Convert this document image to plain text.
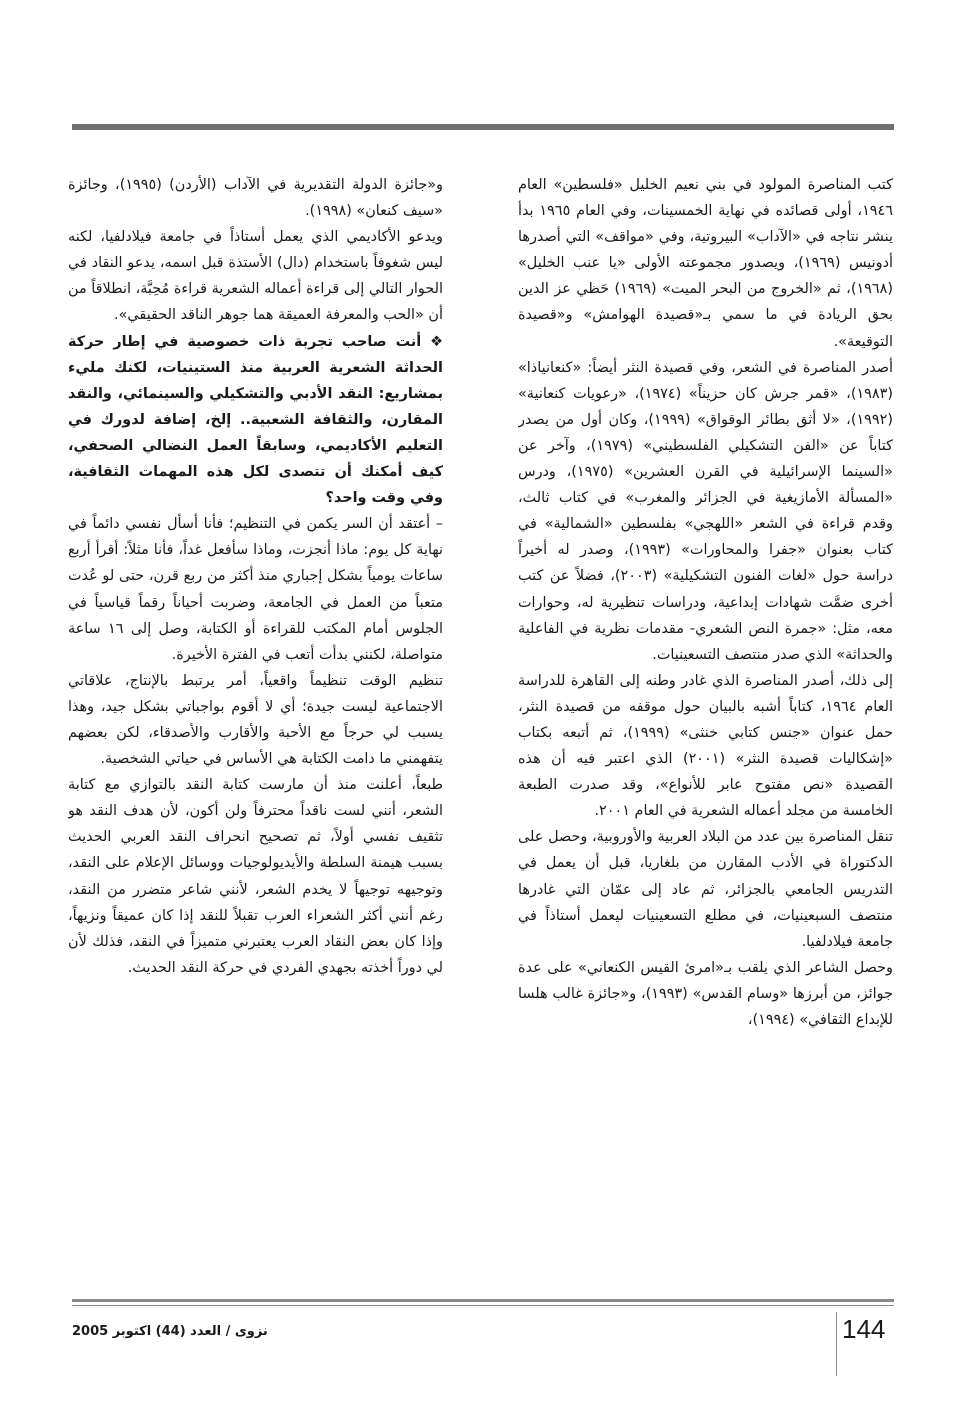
كتب المناصرة المولود في بني نعيم الخليل «فلسطين» العام ١٩٤٦، أولى قصائده في نهاية الخمسينات، وفي العام ١٩٦٥ بدأ ينشر نتاجه في «الآداب» البيروتية، وفي «مواقف» التي أصدرها أدونيس (١٩٦٩)، ويصدور مجموعته الأولى «يا عنب الخليل» (١٩٦٨)، ثم «الخروج من البحر الميت» (١٩٦٩) حَظي عز الدين بحق الريادة في ما سمي بـ«قصيدة الهوامش» و«قصيدة التوقيعة».

أصدر المناصرة في الشعر، وفي قصيدة النثر أيضاً: «كنعانياذا» (١٩٨٣)، «قمر جرش كان حزيناً» (١٩٧٤)، «رعويات كنعانية» (١٩٩٢)، «لا أثق بطائر الوقواق» (١٩٩٩)، وكان أول من يصدر كتاباً عن «الفن التشكيلي الفلسطيني» (١٩٧٩)، وآخر عن «السينما الإسرائيلية في القرن العشرين» (١٩٧٥)، ودرس «المسألة الأمازيغية في الجزائر والمغرب» في كتاب ثالث، وقدم قراءة في الشعر «اللهجي» بفلسطين «الشمالية» في كتاب بعنوان «جفرا والمحاورات» (١٩٩٣)، وصدر له أخيراً دراسة حول «لغات الفنون التشكيلية» (٢٠٠٣)، فضلاً عن كتب أخرى ضمَّت شهادات إبداعية، ودراسات تنظيرية له، وحوارات معه، مثل: «جمرة النص الشعري- مقدمات نظرية في الفاعلية والحداثة» الذي صدر منتصف التسعينيات.

إلى ذلك، أصدر المناصرة الذي غادر وطنه إلى القاهرة للدراسة العام ١٩٦٤، كتاباً أشبه بالبيان حول موقفه من قصيدة النثر، حمل عنوان «جنس كتابي خنثى» (١٩٩٩)، ثم أتبعه بكتاب «إشكاليات قصيدة النثر» (٢٠٠١) الذي اعتبر فيه أن هذه القصيدة «نص مفتوح عابر للأنواع»، وقد صدرت الطبعة الخامسة من مجلد أعماله الشعرية في العام ٢٠٠١.

تنقل المناصرة بين عدد من البلاد العربية والأوروبية، وحصل على الدكتوراة في الأدب المقارن من بلغاريا، قبل أن يعمل في التدريس الجامعي بالجزائر، ثم عاد إلى عمّان التي غادرها منتصف السبعينيات، في مطلع التسعينيات ليعمل أستاذاً في جامعة فيلادلفيا.

وحصل الشاعر الذي يلقب بـ«امرئ القيس الكنعاني» على عدة جوائز، من أبرزها «وسام القدس» (١٩٩٣)، و«جائزة غالب هلسا للإبداع الثقافي» (١٩٩٤)،

و«جائزة الدولة التقديرية في الآداب (الأردن) (١٩٩٥)، وجائزة «سيف كنعان» (١٩٩٨).

ويدعو الأكاديمي الذي يعمل أستاذاً في جامعة فيلادلفيا، لكنه ليس شغوفاً باستخدام (دال) الأستذة قبل اسمه، يدعو النقاد في الحوار التالي إلى قراءة أعماله الشعرية قراءة مُحِبَّة، انطلاقاً من أن «الحب والمعرفة العميقة هما جوهر الناقد الحقيقي».

❖ أنت صاحب تجربة ذات خصوصية في إطار حركة الحداثة الشعرية العربية منذ الستينيات، لكنك مليء بمشاريع: النقد الأدبي والتشكيلي والسينمائي، والنقد المقارن، والثقافة الشعبية.. إلخ، إضافة لدورك في التعليم الأكاديمي، وسابقاً العمل النضالي الصحفي، كيف أمكنك أن تتصدى لكل هذه المهمات الثقافية، وفي وقت واحد؟

– أعتقد أن السر يكمن في التنظيم؛ فأنا أسأل نفسي دائماً في نهاية كل يوم: ماذا أنجزت، وماذا سأفعل غداً، فأنا مثلاً: أقرأ أربع ساعات يومياً بشكل إجباري منذ أكثر من ربع قرن، حتى لو عُدت متعباً من العمل في الجامعة، وضربت أحياناً رقماً قياسياً في الجلوس أمام المكتب للقراءة أو الكتابة، وصل إلى ١٦ ساعة متواصلة، لكنني بدأت أتعب في الفترة الأخيرة.

تنظيم الوقت تنظيماً واقعياً، أمر يرتبط بالإنتاج، علاقاتي الاجتماعية ليست جيدة؛ أي لا أقوم بواجباتي بشكل جيد، وهذا يسبب لي حرجاً مع الأحبة والأقارب والأصدقاء، لكن بعضهم يتفهمني ما دامت الكتابة هي الأساس في حياتي الشخصية.

طبعاً، أعلنت منذ أن مارست كتابة النقد بالتوازي مع كتابة الشعر، أنني لست ناقداً محترفاً ولن أكون، لأن هدف النقد هو تثقيف نفسي أولاً، ثم تصحيح انحراف النقد العربي الحديث بسبب هيمنة السلطة والأيديولوجيات ووسائل الإعلام على النقد، وتوجيهه توجيهاً لا يخدم الشعر، لأنني شاعر متضرر من النقد، رغم أنني أكثر الشعراء العرب تقبلاً للنقد إذا كان عميقاً ونزيهاً، وإذا كان بعض النقاد العرب يعتبرني متميزاً في النقد، فذلك لأن لي دوراً أخذته بجهدي الفردي في حركة النقد الحديث.

144
نزوى / العدد (44) اكتوبر 2005
